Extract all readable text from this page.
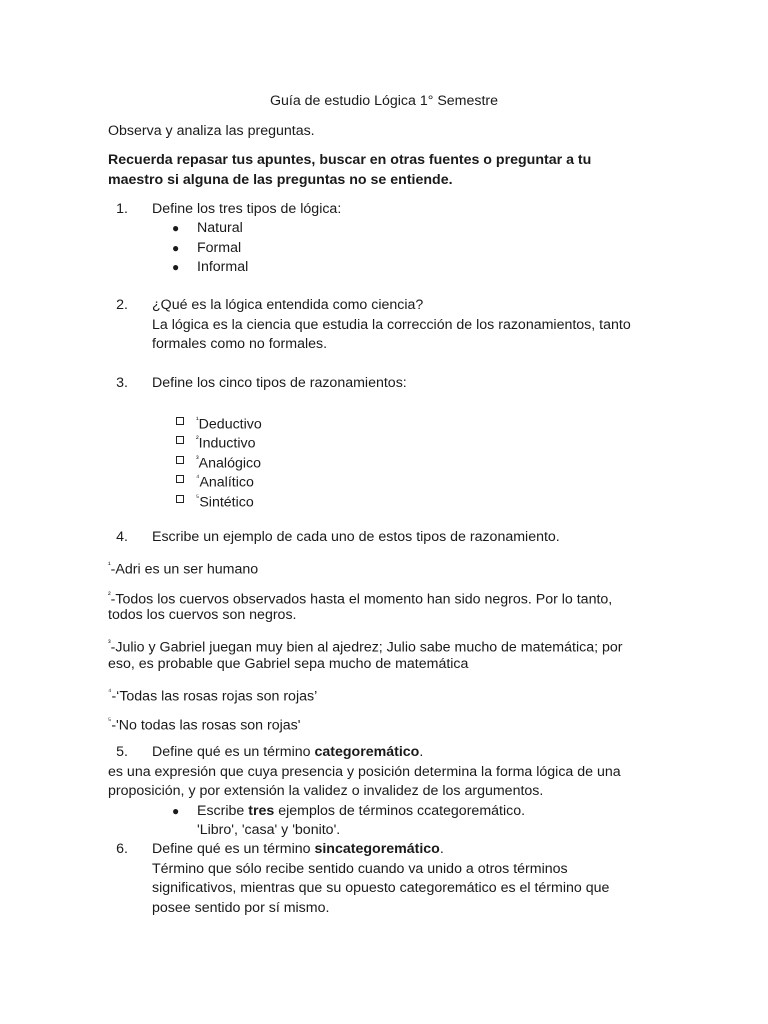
Guía de estudio Lógica 1° Semestre
Observa y analiza las preguntas.
Recuerda repasar tus apuntes, buscar en otras fuentes o preguntar a tu
maestro si alguna de las preguntas no se entiende.
1. Define los tres tipos de lógica:
● Natural
● Formal
● Informal
2. ¿Qué es la lógica entendida como ciencia?
La lógica es la ciencia que estudia la corrección de los razonamientos, tanto
formales como no formales.
3. Define los cinco tipos de razonamientos:
$^{^1}$Deductivo
$^{^2}$Inductivo
$^{^3}$Analógico
$^{^4}$Analítico
$^{^5}$Sintético
4. Escribe un ejemplo de cada uno de estos tipos de razonamiento.
$^{^1}$-Adri es un ser humano
$^{^2}$-Todos los cuervos observados hasta el momento han sido negros. Por lo tanto,
todos los cuervos son negros.
$^{^3}$-Julio y Gabriel juegan muy bien al ajedrez; Julio sabe mucho de matemática; por
eso, es probable que Gabriel sepa mucho de matemática
$^{^4}$-‘Todas las rosas rojas son rojas’
$^{^5}$-'No todas las rosas son rojas'
5. Define qué es un término categoremático.
es una expresión que cuya presencia y posición determina la forma lógica de una
proposición, y por extensión la validez o invalidez de los argumentos.
● Escribe tres ejemplos de términos ccategoremático.
'Libro', 'casa' y 'bonito'.
6. Define qué es un término sincategoremático.
Término que sólo recibe sentido cuando va unido a otros términos
significativos, mientras que su opuesto categoremático es el término que
posee sentido por sí mismo.
